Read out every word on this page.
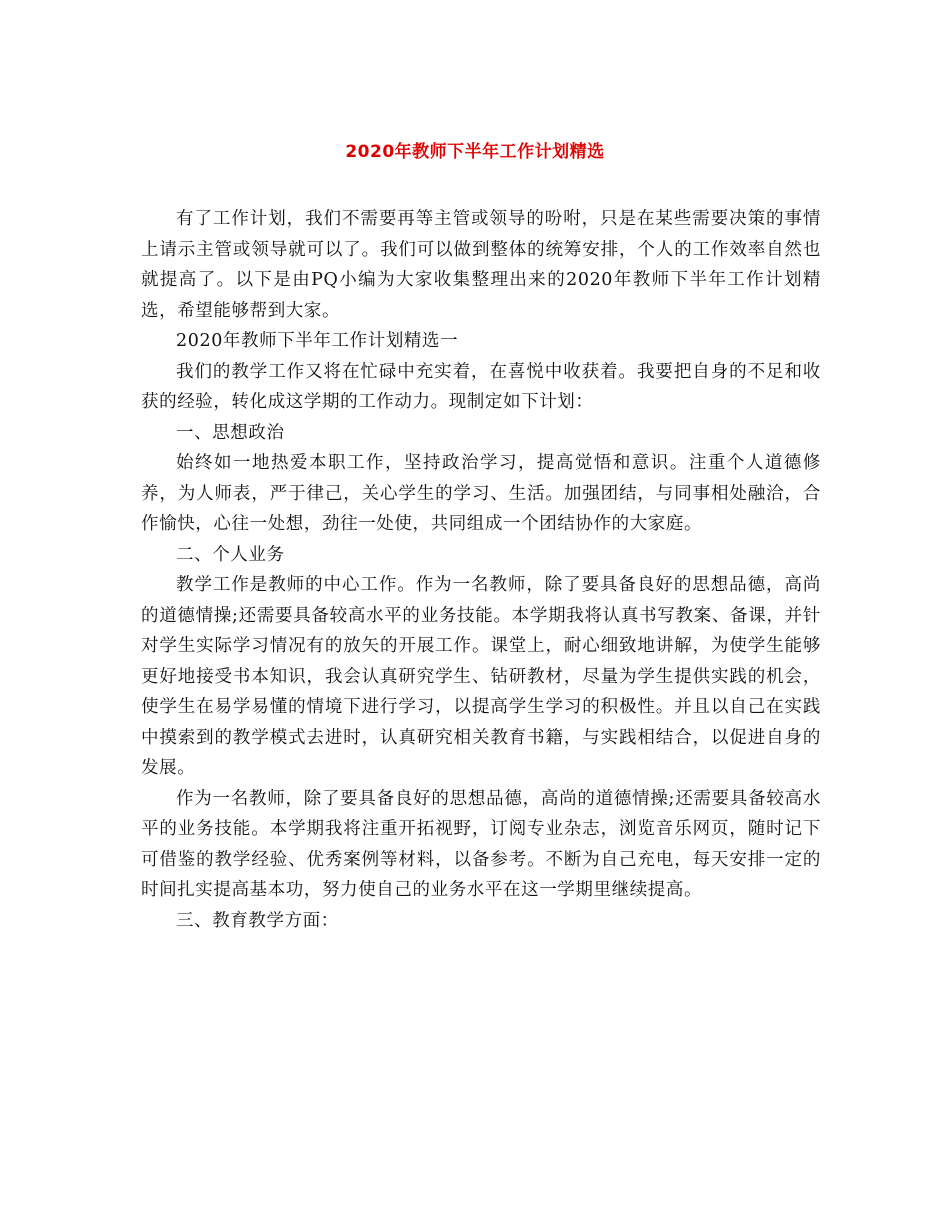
2020年教师下半年工作计划精选

有了工作计划，我们不需要再等主管或领导的吩咐，只是在某些需要决策的事情上请示主管或领导就可以了。我们可以做到整体的统筹安排，个人的工作效率自然也就提高了。以下是由PQ小编为大家收集整理出来的2020年教师下半年工作计划精选，希望能够帮到大家。

2020年教师下半年工作计划精选一

我们的教学工作又将在忙碌中充实着，在喜悦中收获着。我要把自身的不足和收获的经验，转化成这学期的工作动力。现制定如下计划：

一、思想政治

始终如一地热爱本职工作，坚持政治学习，提高觉悟和意识。注重个人道德修养，为人师表，严于律己，关心学生的学习、生活。加强团结，与同事相处融洽，合作愉快，心往一处想，劲往一处使，共同组成一个团结协作的大家庭。

二、个人业务

教学工作是教师的中心工作。作为一名教师，除了要具备良好的思想品德，高尚的道德情操;还需要具备较高水平的业务技能。本学期我将认真书写教案、备课，并针对学生实际学习情况有的放矢的开展工作。课堂上，耐心细致地讲解，为使学生能够更好地接受书本知识，我会认真研究学生、钻研教材，尽量为学生提供实践的机会，使学生在易学易懂的情境下进行学习，以提高学生学习的积极性。并且以自己在实践中摸索到的教学模式去进时，认真研究相关教育书籍，与实践相结合，以促进自身的发展。

作为一名教师，除了要具备良好的思想品德，高尚的道德情操;还需要具备较高水平的业务技能。本学期我将注重开拓视野，订阅专业杂志，浏览音乐网页，随时记下可借鉴的教学经验、优秀案例等材料，以备参考。不断为自己充电，每天安排一定的时间扎实提高基本功，努力使自己的业务水平在这一学期里继续提高。

三、教育教学方面：
